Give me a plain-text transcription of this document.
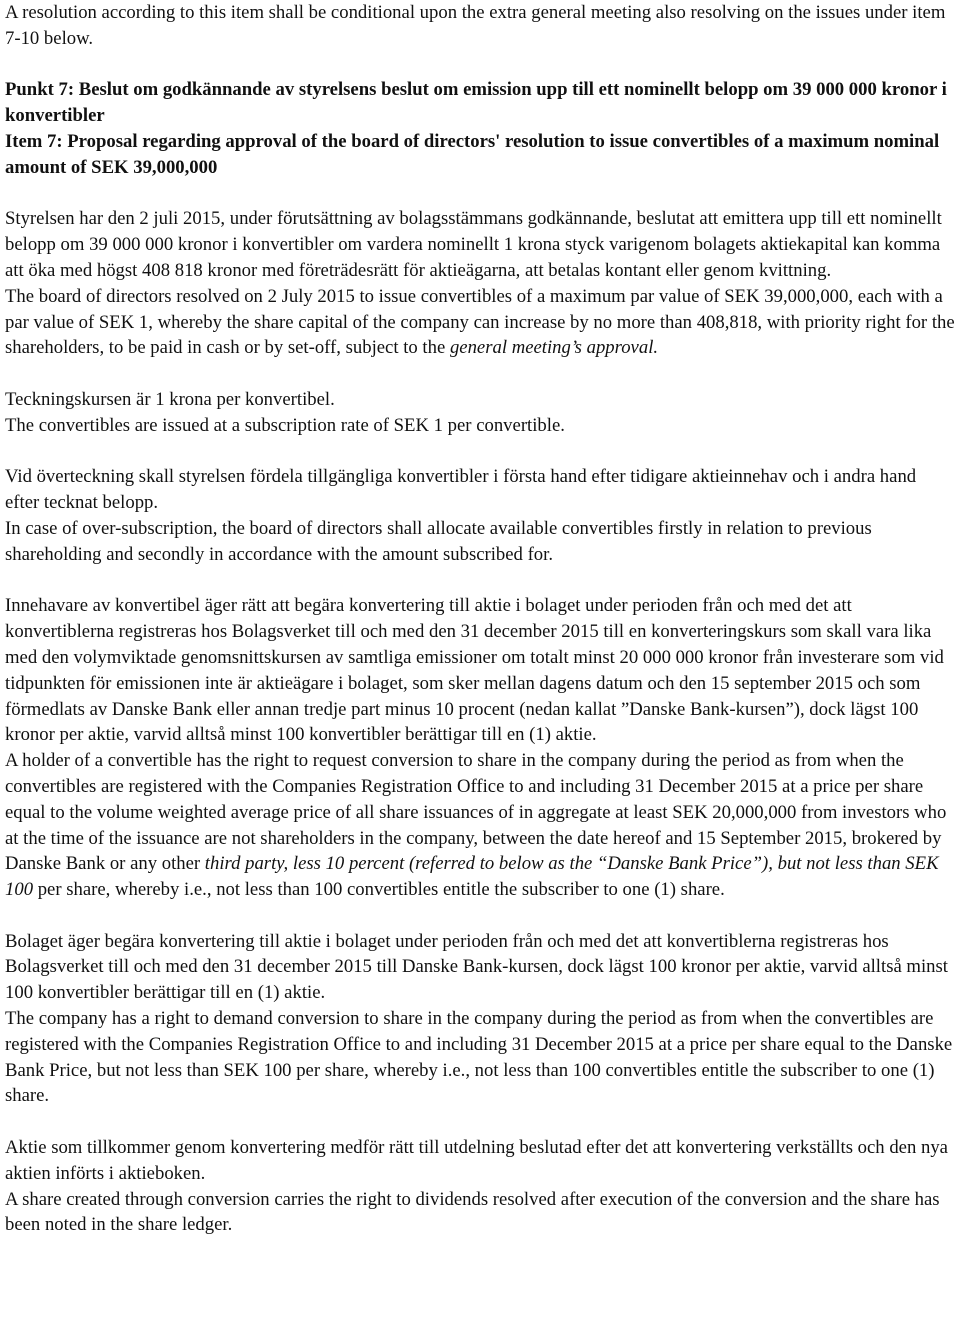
A resolution according to this item shall be conditional upon the extra general meeting also resolving on the issues under item 7-10 below.

Punkt 7: Beslut om godkännande av styrelsens beslut om emission upp till ett nominellt belopp om 39 000 000 kronor i konvertibler

Item 7: Proposal regarding approval of the board of directors' resolution to issue convertibles of a maximum nominal amount of SEK 39,000,000

Styrelsen har den 2 juli 2015, under förutsättning av bolagsstämmans godkännande, beslutat att emittera upp till ett nominellt belopp om 39 000 000 kronor i konvertibler om vardera nominellt 1 krona styck varigenom bolagets aktiekapital kan komma att öka med högst 408 818 kronor med företrädesrätt för aktieägarna, att betalas kontant eller genom kvittning.

The board of directors resolved on 2 July 2015 to issue convertibles of a maximum par value of SEK 39,000,000, each with a par value of SEK 1, whereby the share capital of the company can increase by no more than 408,818, with priority right for the shareholders, to be paid in cash or by set-off, subject to the general meeting’s approval.

Teckningskursen är 1 krona per konvertibel.

The convertibles are issued at a subscription rate of SEK 1 per convertible.

Vid överteckning skall styrelsen fördela tillgängliga konvertibler i första hand efter tidigare aktieinnehav och i andra hand efter tecknat belopp.

In case of over-subscription, the board of directors shall allocate available convertibles firstly in relation to previous shareholding and secondly in accordance with the amount subscribed for.

Innehavare av konvertibel äger rätt att begära konvertering till aktie i bolaget under perioden från och med det att konvertiblerna registreras hos Bolagsverket till och med den 31 december 2015 till en konverteringskurs som skall vara lika med den volymviktade genomsnittskursen av samtliga emissioner om totalt minst 20 000 000 kronor från investerare som vid tidpunkten för emissionen inte är aktieägare i bolaget, som sker mellan dagens datum och den 15 september 2015 och som förmedlats av Danske Bank eller annan tredje part minus 10 procent (nedan kallat ”Danske Bank-kursen”), dock lägst 100 kronor per aktie, varvid alltså minst 100 konvertibler berättigar till en (1) aktie.

A holder of a convertible has the right to request conversion to share in the company during the period as from when the convertibles are registered with the Companies Registration Office to and including 31 December 2015 at a price per share equal to the volume weighted average price of all share issuances of in aggregate at least SEK 20,000,000 from investors who at the time of the issuance are not shareholders in the company, between the date hereof and 15 September 2015, brokered by Danske Bank or any other third party, less 10 percent (referred to below as the “Danske Bank Price”), but not less than SEK 100 per share, whereby i.e., not less than 100 convertibles entitle the subscriber to one (1) share.

Bolaget äger begära konvertering till aktie i bolaget under perioden från och med det att konvertiblerna registreras hos Bolagsverket till och med den 31 december 2015 till Danske Bank-kursen, dock lägst 100 kronor per aktie, varvid alltså minst 100 konvertibler berättigar till en (1) aktie.

The company has a right to demand conversion to share in the company during the period as from when the convertibles are registered with the Companies Registration Office to and including 31 December 2015 at a price per share equal to the Danske Bank Price, but not less than SEK 100 per share, whereby i.e., not less than 100 convertibles entitle the subscriber to one (1) share.

Aktie som tillkommer genom konvertering medför rätt till utdelning beslutad efter det att konvertering verkställts och den nya aktien införts i aktieboken.

A share created through conversion carries the right to dividends resolved after execution of the conversion and the share has been noted in the share ledger.
